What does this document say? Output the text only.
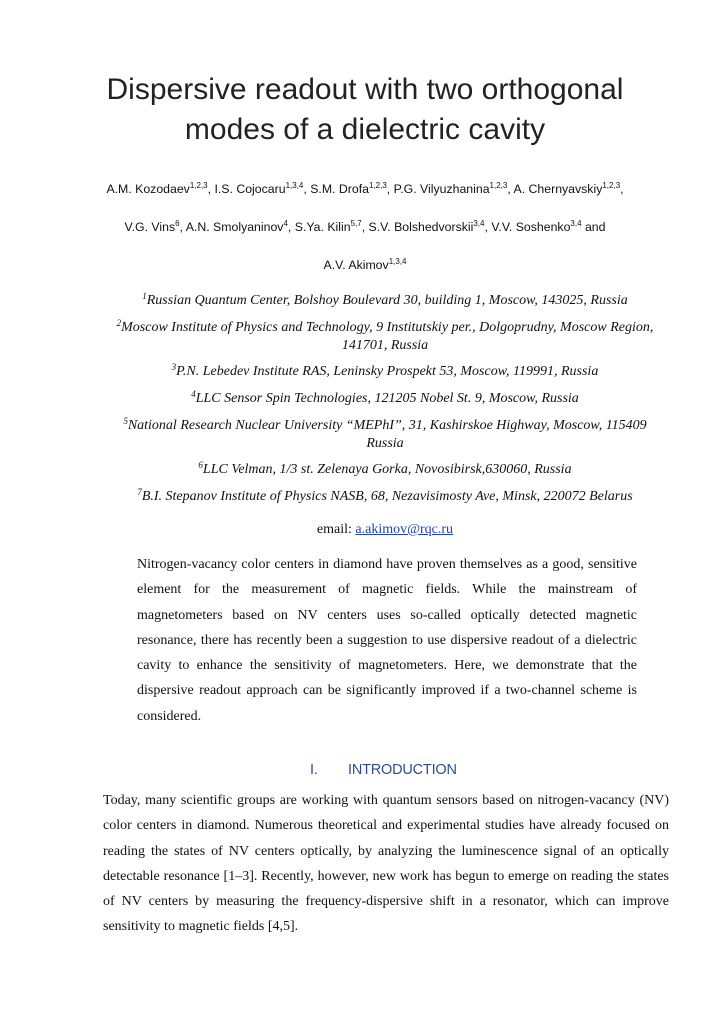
Dispersive readout with two orthogonal
modes of a dielectric cavity
A.M. Kozodaev$^{1,2,3}$, I.S. Cojocaru$^{1,3,4}$, S.M. Drofa$^{1,2,3}$, P.G. Vilyuzhanina$^{1,2,3}$, A. Chernyavskiy$^{1,2,3}$,
V.G. Vins$^6$, A.N. Smolyaninov$^4$, S.Ya. Kilin$^{5,7}$, S.V. Bolshedvorskii$^{3,4}$, V.V. Soshenko$^{3,4}$ and
A.V. Akimov$^{1,3,4}$
$^1$Russian Quantum Center, Bolshoy Boulevard 30, building 1, Moscow, 143025, Russia
$^2$Moscow Institute of Physics and Technology, 9 Institutskiy per., Dolgoprudny, Moscow Region,
141701, Russia
$^3$P.N. Lebedev Institute RAS, Leninsky Prospekt 53, Moscow, 119991, Russia
$^4$LLC Sensor Spin Technologies, 121205 Nobel St. 9, Moscow, Russia
$^5$National Research Nuclear University “MEPhI”, 31, Kashirskoe Highway, Moscow, 115409
Russia
$^6$LLC Velman, 1/3 st. Zelenaya Gorka, Novosibirsk,630060, Russia
$^7$B.I. Stepanov Institute of Physics NASB, 68, Nezavisimosty Ave, Minsk, 220072 Belarus
email: a.akimov@rqc.ru
Nitrogen-vacancy color centers in diamond have proven themselves as a good, sensitive element for the measurement of magnetic fields. While the mainstream of magnetometers based on NV centers uses so-called optically detected magnetic resonance, there has recently been a suggestion to use dispersive readout of a dielectric cavity to enhance the sensitivity of magnetometers. Here, we demonstrate that the dispersive readout approach can be significantly improved if a two-channel scheme is considered.
I. INTRODUCTION
Today, many scientific groups are working with quantum sensors based on nitrogen-vacancy (NV) color centers in diamond. Numerous theoretical and experimental studies have already focused on reading the states of NV centers optically, by analyzing the luminescence signal of an optically detectable resonance [1–3]. Recently, however, new work has begun to emerge on reading the states of NV centers by measuring the frequency-dispersive shift in a resonator, which can improve sensitivity to magnetic fields [4,5].
